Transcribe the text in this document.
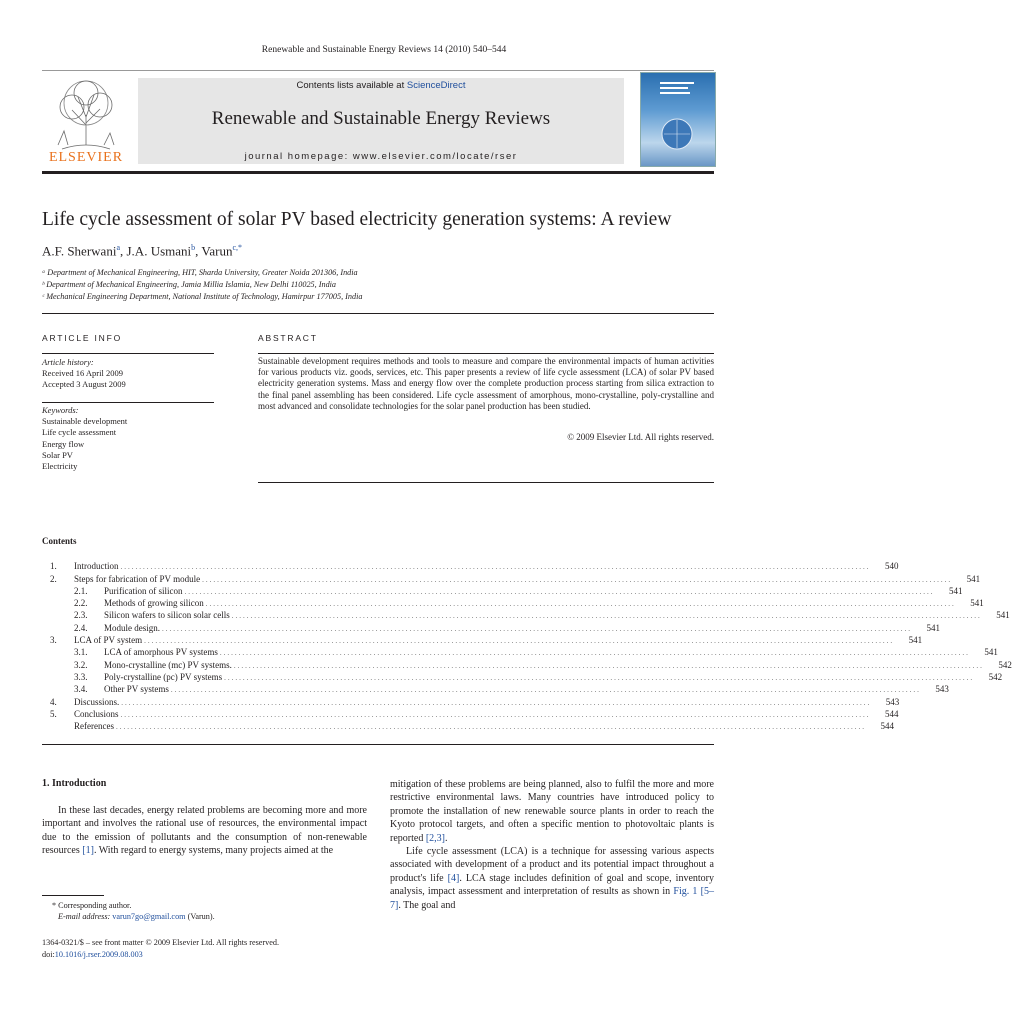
Renewable and Sustainable Energy Reviews 14 (2010) 540–544
ELSEVIER
Contents lists available at ScienceDirect
Renewable and Sustainable Energy Reviews
journal homepage: www.elsevier.com/locate/rser
Life cycle assessment of solar PV based electricity generation systems: A review
A.F. Sherwani$^a$, J.A. Usmani$^b$, Varun$^{c,*}$
ᵃ Department of Mechanical Engineering, HIT, Sharda University, Greater Noida 201306, India
ᵇ Department of Mechanical Engineering, Jamia Millia Islamia, New Delhi 110025, India
ᶜ Mechanical Engineering Department, National Institute of Technology, Hamirpur 177005, India
ARTICLE INFO
Article history:
Received 16 April 2009
Accepted 3 August 2009
Keywords:
Sustainable development
Life cycle assessment
Energy flow
Solar PV
Electricity
ABSTRACT
Sustainable development requires methods and tools to measure and compare the environmental impacts of human activities for various products viz. goods, services, etc. This paper presents a review of life cycle assessment (LCA) of solar PV based electricity generation systems. Mass and energy flow over the complete production process starting from silica extraction to the final panel assembling has been considered. Life cycle assessment of amorphous, mono-crystalline, poly-crystalline and most advanced and consolidate technologies for the solar panel production has been studied.
© 2009 Elsevier Ltd. All rights reserved.
Contents
1.	Introduction ........................................................................................................................................................................................................	540
2.	Steps for fabrication of PV module ........................................................................................................................................................................................................	541
2.1.	Purification of silicon ........................................................................................................................................................................................................	541
2.2.	Methods of growing silicon ........................................................................................................................................................................................................	541
2.3.	Silicon wafers to silicon solar cells ........................................................................................................................................................................................................	541
2.4.	Module design. ........................................................................................................................................................................................................	541
3.	LCA of PV system ........................................................................................................................................................................................................	541
3.1.	LCA of amorphous PV systems ........................................................................................................................................................................................................	541
3.2.	Mono-crystalline (mc) PV systems. ........................................................................................................................................................................................................	542
3.3.	Poly-crystalline (pc) PV systems ........................................................................................................................................................................................................	542
3.4.	Other PV systems ........................................................................................................................................................................................................	543
4.	Discussions. ........................................................................................................................................................................................................	543
5.	Conclusions ........................................................................................................................................................................................................	544
References ........................................................................................................................................................................................................	544
1. Introduction
In these last decades, energy related problems are becoming more and more important and involves the rational use of resources, the environmental impact due to the emission of pollutants and the consumption of non-renewable resources [1]. With regard to energy systems, many projects aimed at the
mitigation of these problems are being planned, also to fulfil the more and more restrictive environmental laws. Many countries have introduced policy to promote the installation of new renewable source plants in order to reach the Kyoto protocol targets, and often a specific mention to photovoltaic plants is reported [2,3].
Life cycle assessment (LCA) is a technique for assessing various aspects associated with development of a product and its potential impact throughout a product's life [4]. LCA stage includes definition of goal and scope, inventory analysis, impact assessment and interpretation of results as shown in Fig. 1 [5–7]. The goal and
* Corresponding author.
E-mail address: varun7go@gmail.com (Varun).
1364-0321/$ – see front matter © 2009 Elsevier Ltd. All rights reserved.
doi:10.1016/j.rser.2009.08.003
